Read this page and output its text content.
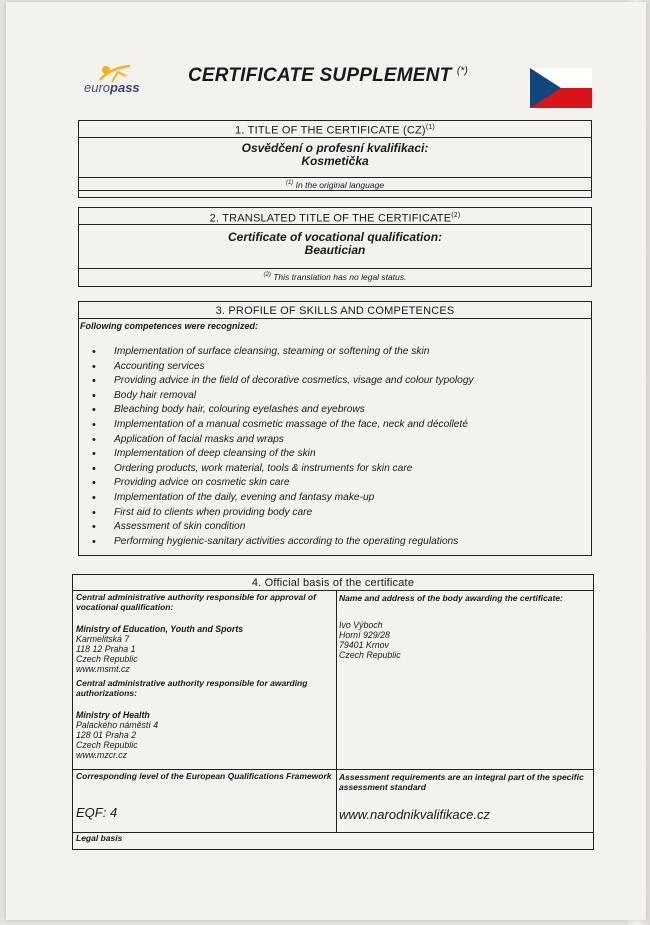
europass
CERTIFICATE SUPPLEMENT (*)
1. TITLE OF THE CERTIFICATE (CZ)$^{(1)}$
Osvědčení o profesní kvalifikaci:
Kosmetička
$^{(1)}$ In the original language
2. TRANSLATED TITLE OF THE CERTIFICATE$^{(2)}$
Certificate of vocational qualification:
Beautician
$^{(2)}$ This translation has no legal status.
3. PROFILE OF SKILLS AND COMPETENCES
Following competences were recognized:
• Implementation of surface cleansing, steaming or softening of the skin
• Accounting services
• Providing advice in the field of decorative cosmetics, visage and colour typology
• Body hair removal
• Bleaching body hair, colouring eyelashes and eyebrows
• Implementation of a manual cosmetic massage of the face, neck and décolleté
• Application of facial masks and wraps
• Implementation of deep cleansing of the skin
• Ordering products, work material, tools & instruments for skin care
• Providing advice on cosmetic skin care
• Implementation of the daily, evening and fantasy make-up
• First aid to clients when providing body care
• Assessment of skin condition
• Performing hygienic-sanitary activities according to the operating regulations
4. Official basis of the certificate
Central administrative authority responsible for approval of vocational qualification:
Ministry of Education, Youth and Sports
Karmelitská 7
118 12 Praha 1
Czech Republic
www.msmt.cz
Central administrative authority responsible for awarding authorizations:
Ministry of Health
Palackého náměstí 4
128 01 Praha 2
Czech Republic
www.mzcr.cz
Name and address of the body awarding the certificate:
Ivo Výboch
Horní 929/28
79401 Krnov
Czech Republic
Corresponding level of the European Qualifications Framework
EQF: 4
Assessment requirements are an integral part of the specific assessment standard
www.narodnikvalifikace.cz
Legal basis
